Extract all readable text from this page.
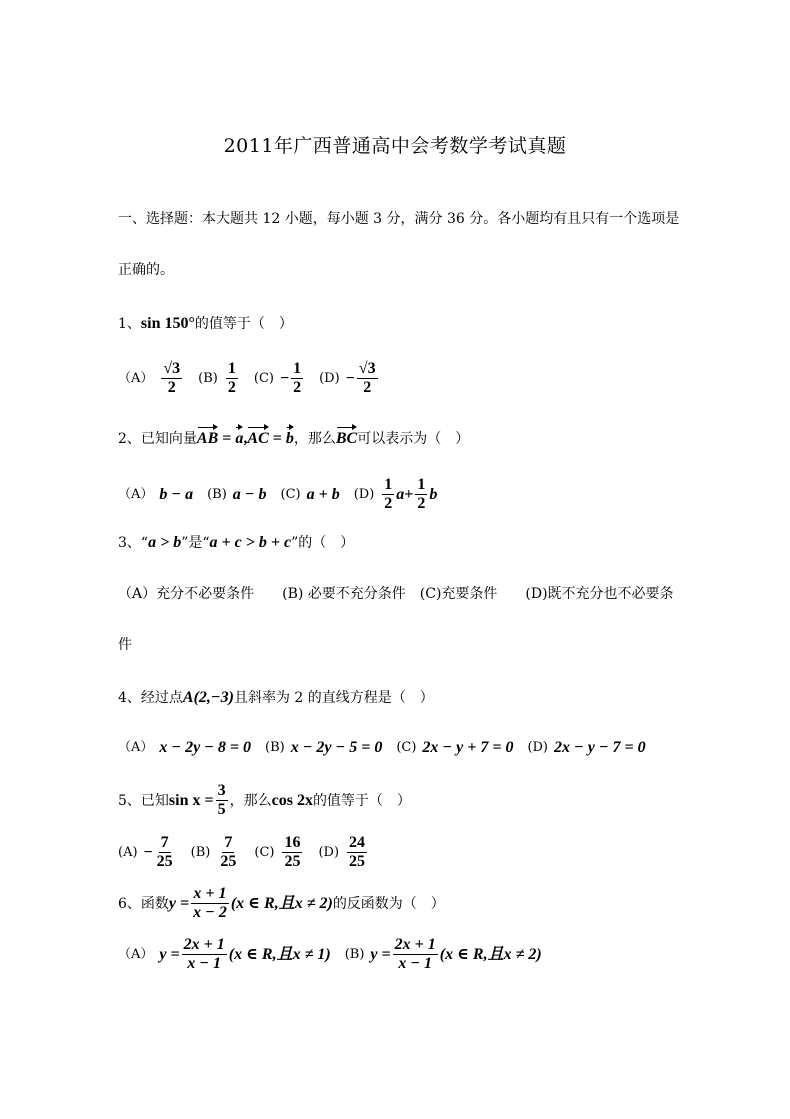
2011年广西普通高中会考数学考试真题
一、选择题：本大题共 12 小题，每小题 3 分，满分 36 分。各小题均有且只有一个选项是
正确的。
1、sin 150°的值等于（　）
$(A) \frac{√3}{2} (B) \frac{1}{2} (C) - \frac{1}{2} (D) - \frac{√3}{2}$
2、已知向量
AB =
a,
AC =
b，那么
BC可以表示为（　）
（A） b − a (B) a − b (C) a + b $(D) \frac{1}{2}$ $a + \frac{1}{2}$ b
3、“a > b”是“a + c > b + c”的（　）
（A）充分不必要条件　　(B) 必要不充分条件　(C)充要条件　　(D)既不充分也不必要条
件
4、经过点A(2,−3)且斜率为 2 的直线方程是（　）
（A） x − 2y − 8 = 0 (B) x − 2y − 5 = 0 (C) 2x − y + 7 = 0 (D) 2x − y − 7 = 0
5、 已知 $\sin x = \frac{3}{5}$ ，那么 cos 2x 的值等于（　）
$(A) - \frac{7}{25} (B) \frac{7}{25} (C) \frac{16}{25} (D) \frac{24}{25}$
6、 函数 $y = \frac{x + 1}{x - 2} (x$ ∈ R,且x ≠ 2) 的反函数为（　）
（A） $y = \frac{2x + 1}{x - 1} (x$ ∈ R,且x ≠ 1) (B) $y = \frac{2x + 1}{x - 1} (x$ ∈ R,且x ≠ 2)
